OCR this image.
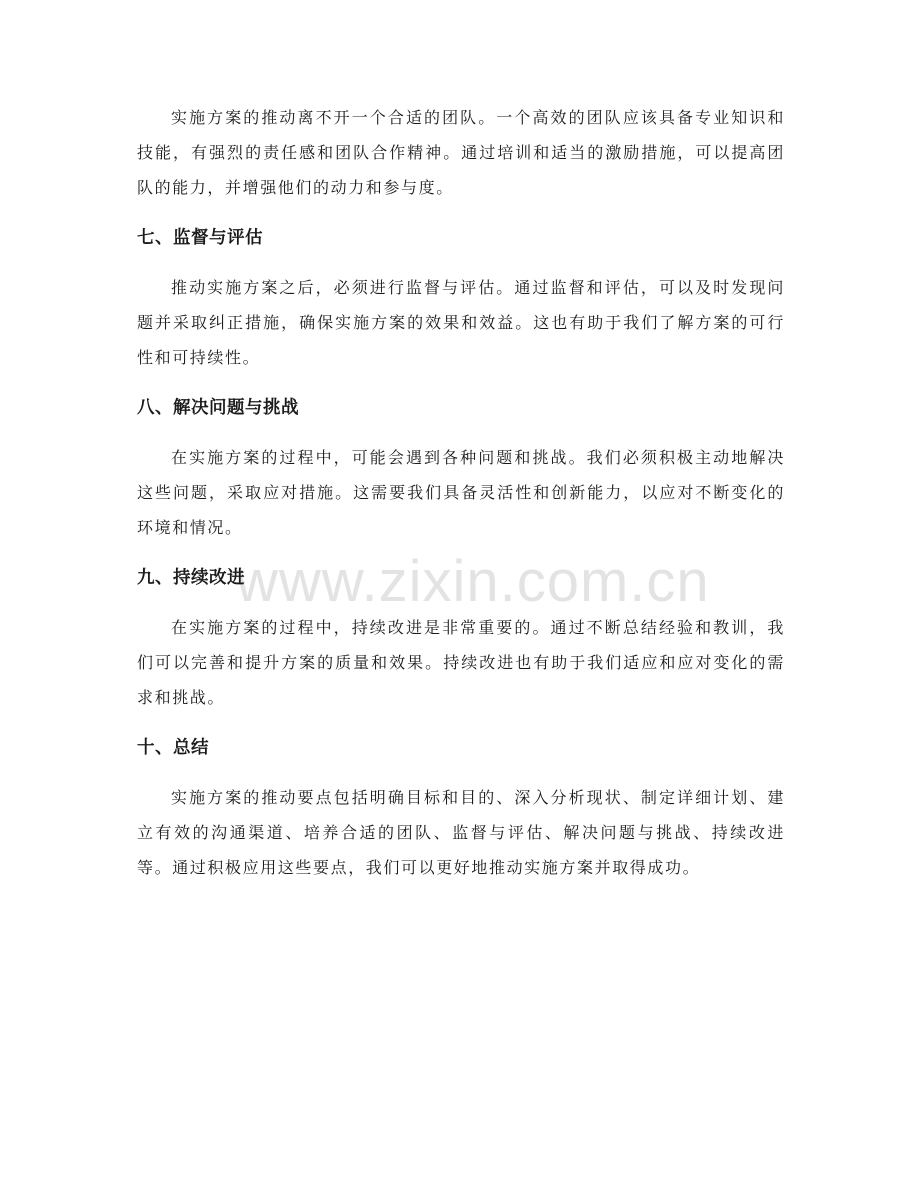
www.zixin.com.cn

实施方案的推动离不开一个合适的团队。一个高效的团队应该具备专业知识和技能，有强烈的责任感和团队合作精神。通过培训和适当的激励措施，可以提高团队的能力，并增强他们的动力和参与度。

七、监督与评估

推动实施方案之后，必须进行监督与评估。通过监督和评估，可以及时发现问题并采取纠正措施，确保实施方案的效果和效益。这也有助于我们了解方案的可行性和可持续性。

八、解决问题与挑战

在实施方案的过程中，可能会遇到各种问题和挑战。我们必须积极主动地解决这些问题，采取应对措施。这需要我们具备灵活性和创新能力，以应对不断变化的环境和情况。

九、持续改进

在实施方案的过程中，持续改进是非常重要的。通过不断总结经验和教训，我们可以完善和提升方案的质量和效果。持续改进也有助于我们适应和应对变化的需求和挑战。

十、总结

实施方案的推动要点包括明确目标和目的、深入分析现状、制定详细计划、建立有效的沟通渠道、培养合适的团队、监督与评估、解决问题与挑战、持续改进等。通过积极应用这些要点，我们可以更好地推动实施方案并取得成功。
